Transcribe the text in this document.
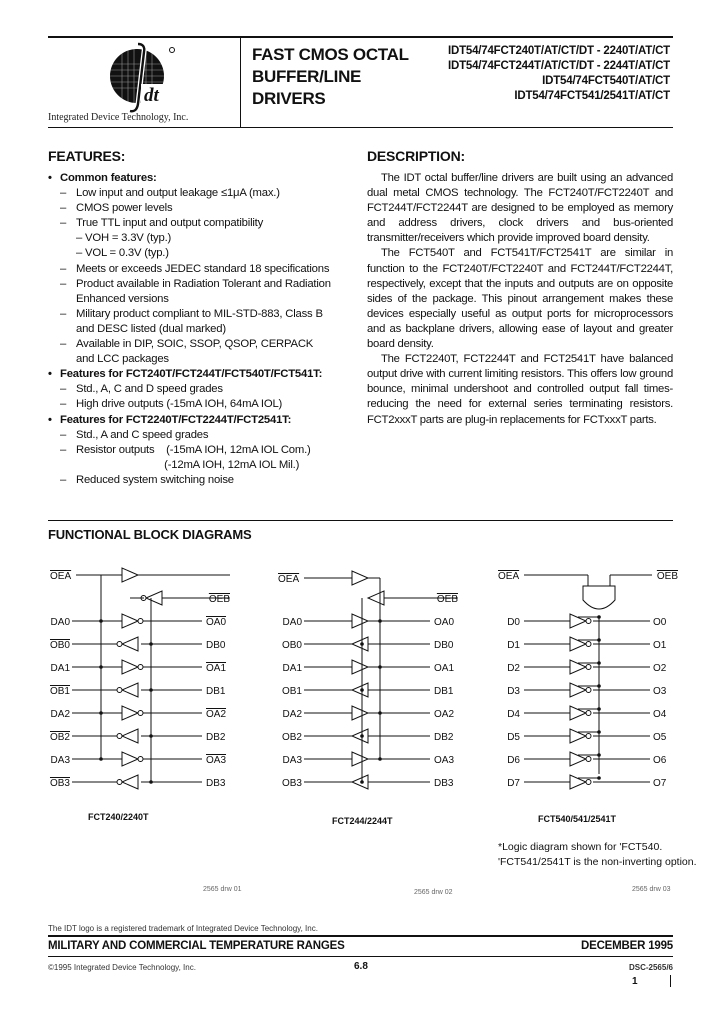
dt
Integrated Device Technology, Inc.
FAST CMOS OCTAL
BUFFER/LINE
DRIVERS
IDT54/74FCT240T/AT/CT/DT - 2240T/AT/CT
IDT54/74FCT244T/AT/CT/DT - 2244T/AT/CT
IDT54/74FCT540T/AT/CT
IDT54/74FCT541/2541T/AT/CT
FEATURES:
• Common features:
– Low input and output leakage ≤1μA (max.)
– CMOS power levels
– True TTL input and output compatibility
– VOH = 3.3V (typ.)
– VOL = 0.3V (typ.)
– Meets or exceeds JEDEC standard 18 specifications
– Product available in Radiation Tolerant and Radiation
Enhanced versions
– Military product compliant to MIL-STD-883, Class B
and DESC listed (dual marked)
– Available in DIP, SOIC, SSOP, QSOP, CERPACK
and LCC packages
• Features for FCT240T/FCT244T/FCT540T/FCT541T:
– Std., A, C and D speed grades
– High drive outputs (-15mA IOH, 64mA IOL)
• Features for FCT2240T/FCT2244T/FCT2541T:
– Std., A and C speed grades
– Resistor outputs    (-15mA IOH, 12mA IOL Com.)
(-12mA IOH, 12mA IOL Mil.)
– Reduced system switching noise
DESCRIPTION:

The IDT octal buffer/line drivers are built using an advanced dual metal CMOS technology. The FCT240T/FCT2240T and FCT244T/FCT2244T are designed to be employed as memory and address drivers, clock drivers and bus-oriented transmitter/receivers which provide improved board density.

The FCT540T and FCT541T/FCT2541T are similar in function to the FCT240T/FCT2240T and FCT244T/FCT2244T, respectively, except that the inputs and outputs are on opposite sides of the package. This pinout arrangement makes these devices especially useful as output ports for microprocessors and as backplane drivers, allowing ease of layout and greater board density.

The FCT2240T, FCT2244T and FCT2541T have balanced output drive with current limiting resistors. This offers low ground bounce, minimal undershoot and controlled output fall times-reducing the need for external series terminating resistors. FCT2xxxT parts are plug-in replacements for FCTxxxT parts.

FUNCTIONAL BLOCK DIAGRAMS
OEA
OEB
DA0	OA0
OB0	DB0
DA1	OA1
OB1	DB1
DA2	OA2
OB2	DB2
DA3	OA3
OB3	DB3
OEA
OEB
DA0	OA0
OB0	DB0
DA1	OA1
OB1	DB1
DA2	OA2
OB2	DB2
DA3	OA3
OB3	DB3
OEA	OEB
D0	O0
D1	O1
D2	O2
D3	O3
D4	O4
D5	O5
D6	O6
D7	O7
FCT240/2240T	FCT244/2244T	FCT540/541/2541T
*Logic diagram shown for 'FCT540.
'FCT541/2541T is the non-inverting option.
2565 drw 01	2565 drw 02	2565 drw 03
The IDT logo is a registered trademark of Integrated Device Technology, Inc.
MILITARY AND COMMERCIAL TEMPERATURE RANGES	DECEMBER 1995
©1995 Integrated Device Technology, Inc.	6.8	DSC-2565/6
1
